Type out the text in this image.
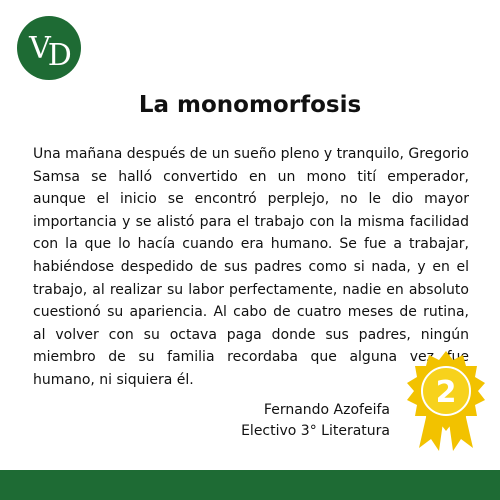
V D
La monomorfosis

Una mañana después de un sueño pleno y tranquilo, Gregorio Samsa se halló convertido en un mono tití emperador, aunque el inicio se encontró perplejo, no le dio mayor importancia y se alistó para el trabajo con la misma facilidad con la que lo hacía cuando era humano. Se fue a trabajar, habiéndose despedido de sus padres como si nada, y en el trabajo, al realizar su labor perfectamente, nadie en absoluto cuestionó su apariencia. Al cabo de cuatro meses de rutina, al volver con su octava paga donde sus padres, ningún miembro de su familia recordaba que alguna vez fue humano, ni siquiera él.	2
Fernando Azofeifa
Electivo 3° Literatura
